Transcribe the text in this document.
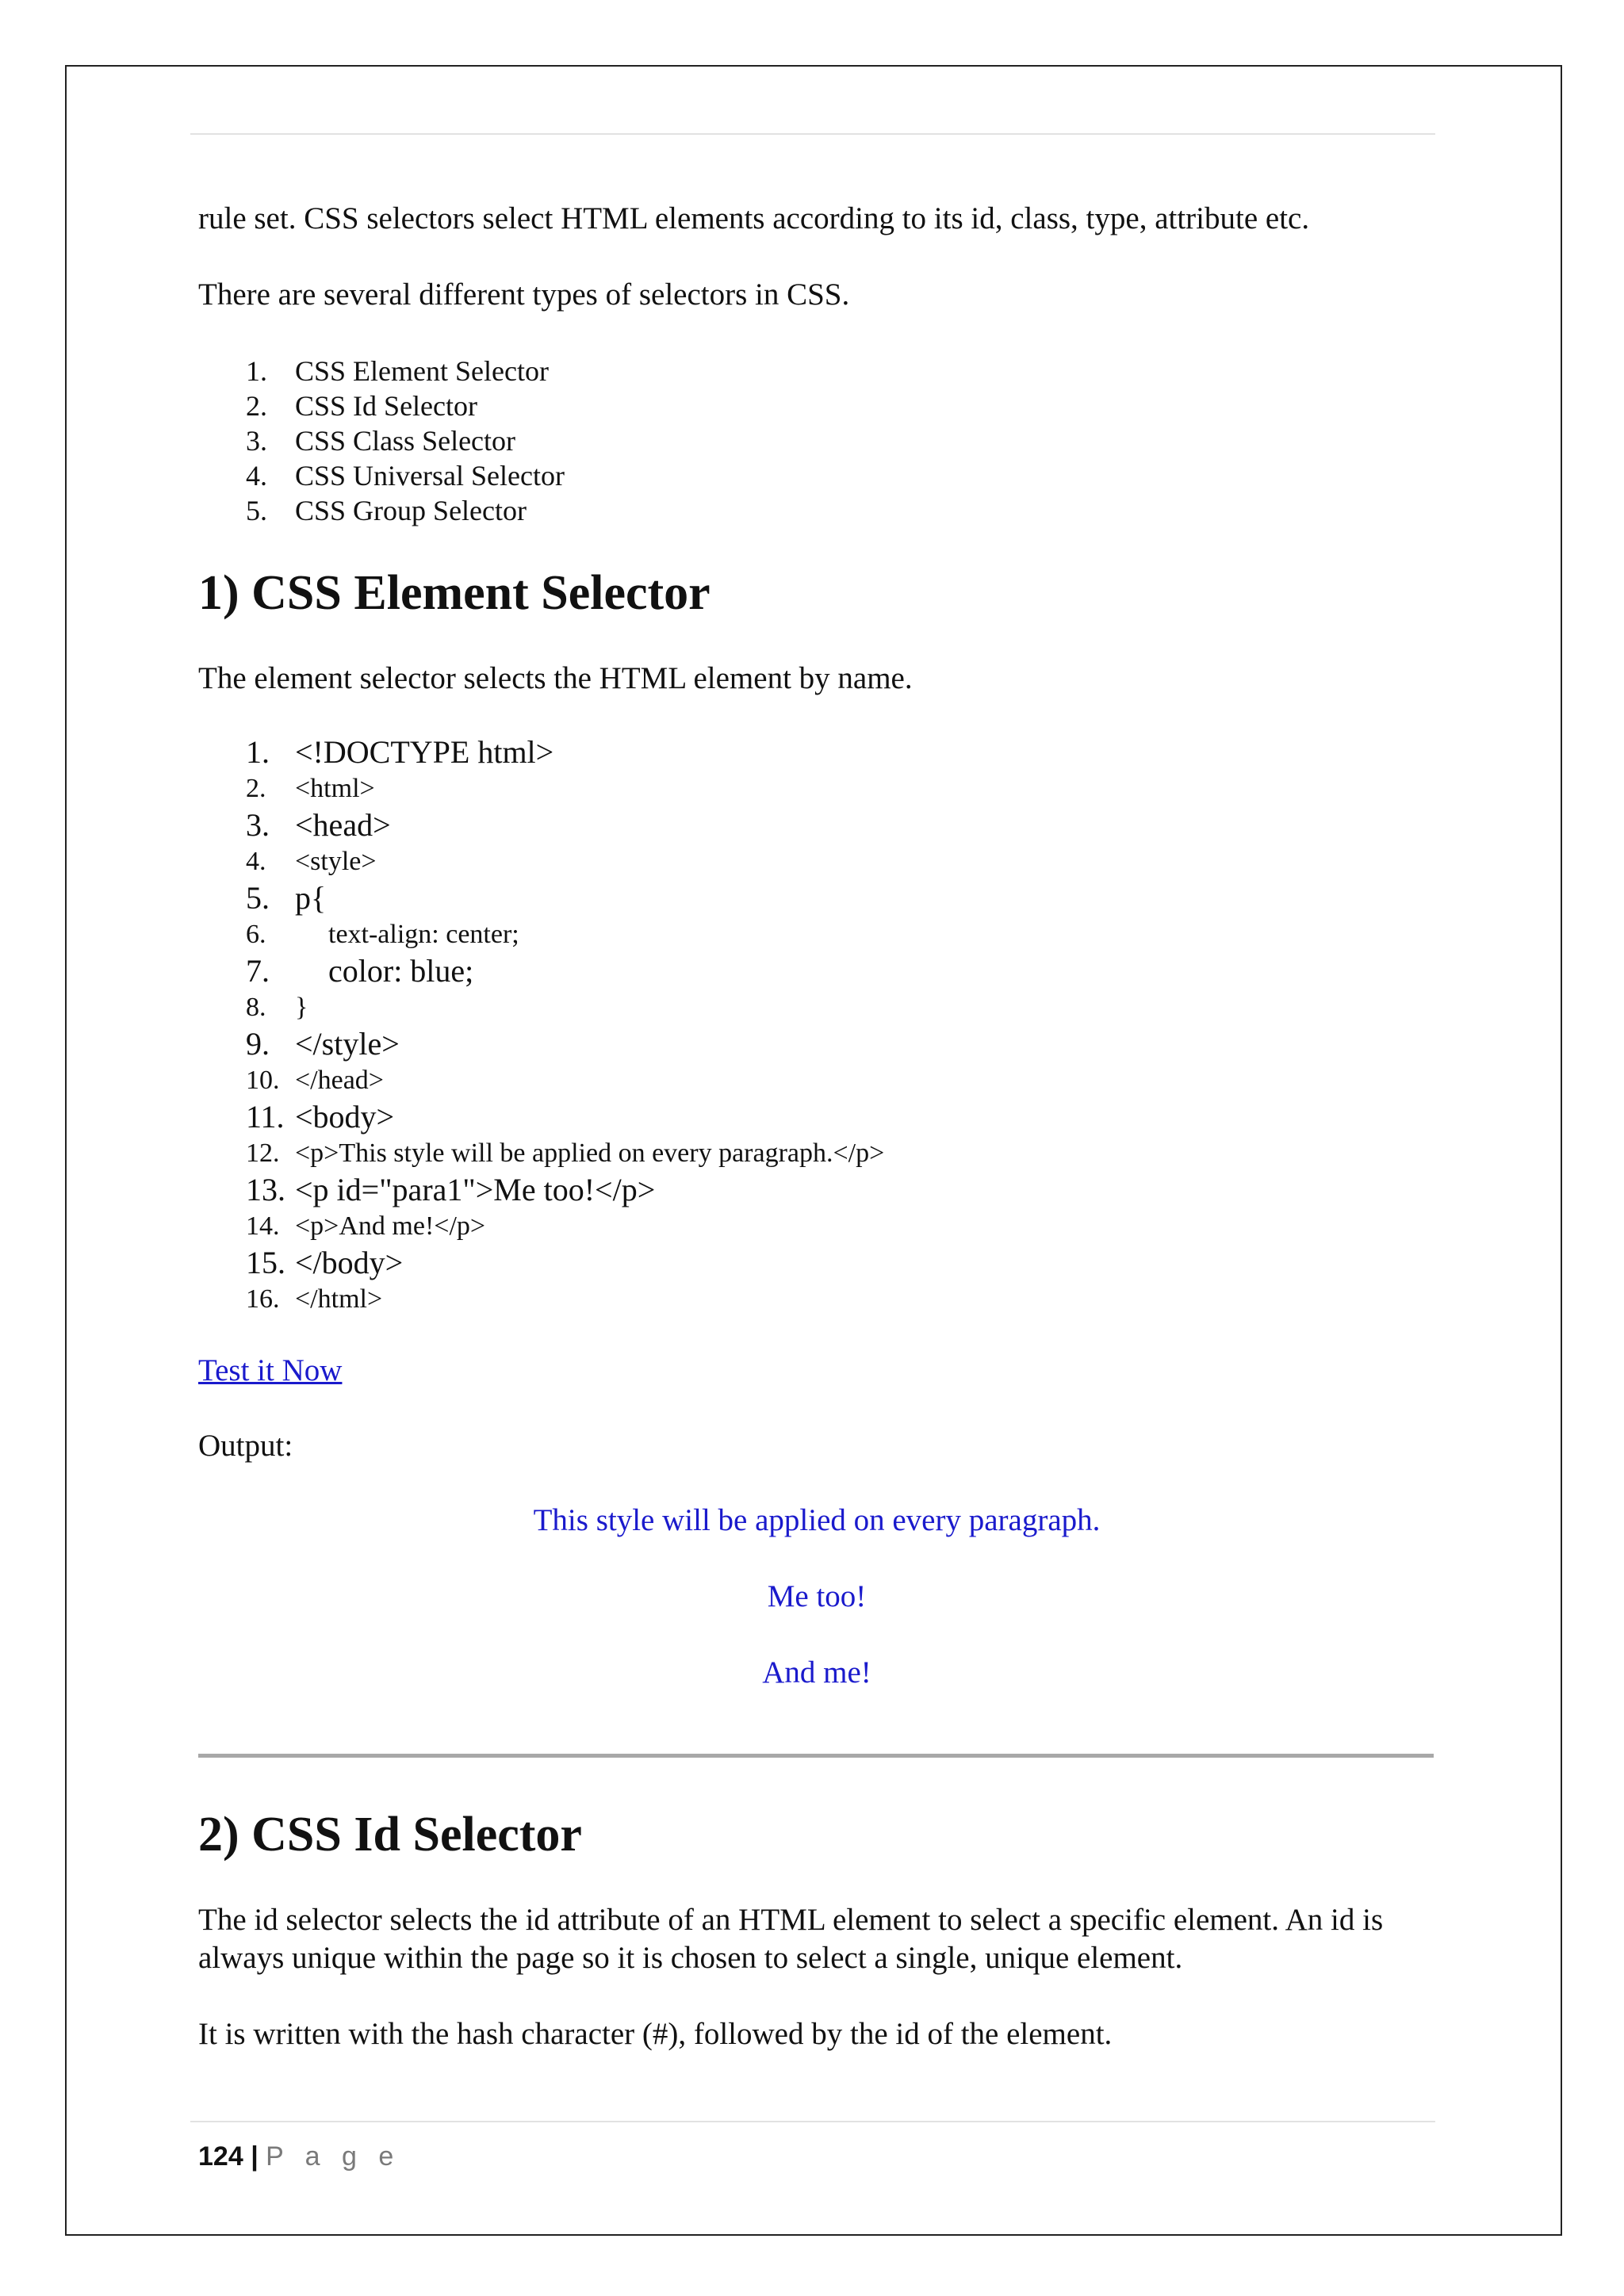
rule set. CSS selectors select HTML elements according to its id, class, type, attribute etc.

There are several different types of selectors in CSS.

1. CSS Element Selector
2. CSS Id Selector
3. CSS Class Selector
4. CSS Universal Selector
5. CSS Group Selector
1) CSS Element Selector

The element selector selects the HTML element by name.

1. <!DOCTYPE html>
2. <html>
3. <head>
4. <style>
5. p{
6. text-align: center;
7. color: blue;
8. }
9. </style>
10. </head>
11. <body>
12. <p>This style will be applied on every paragraph.</p>
13. <p id="para1">Me too!</p>
14. <p>And me!</p>
15. </body>
16. </html>
Test it Now

Output:

This style will be applied on every paragraph.

Me too!

And me!

2) CSS Id Selector

The id selector selects the id attribute of an HTML element to select a specific element. An id is always unique within the page so it is chosen to select a single, unique element.

It is written with the hash character (#), followed by the id of the element.

124 | P a g e
